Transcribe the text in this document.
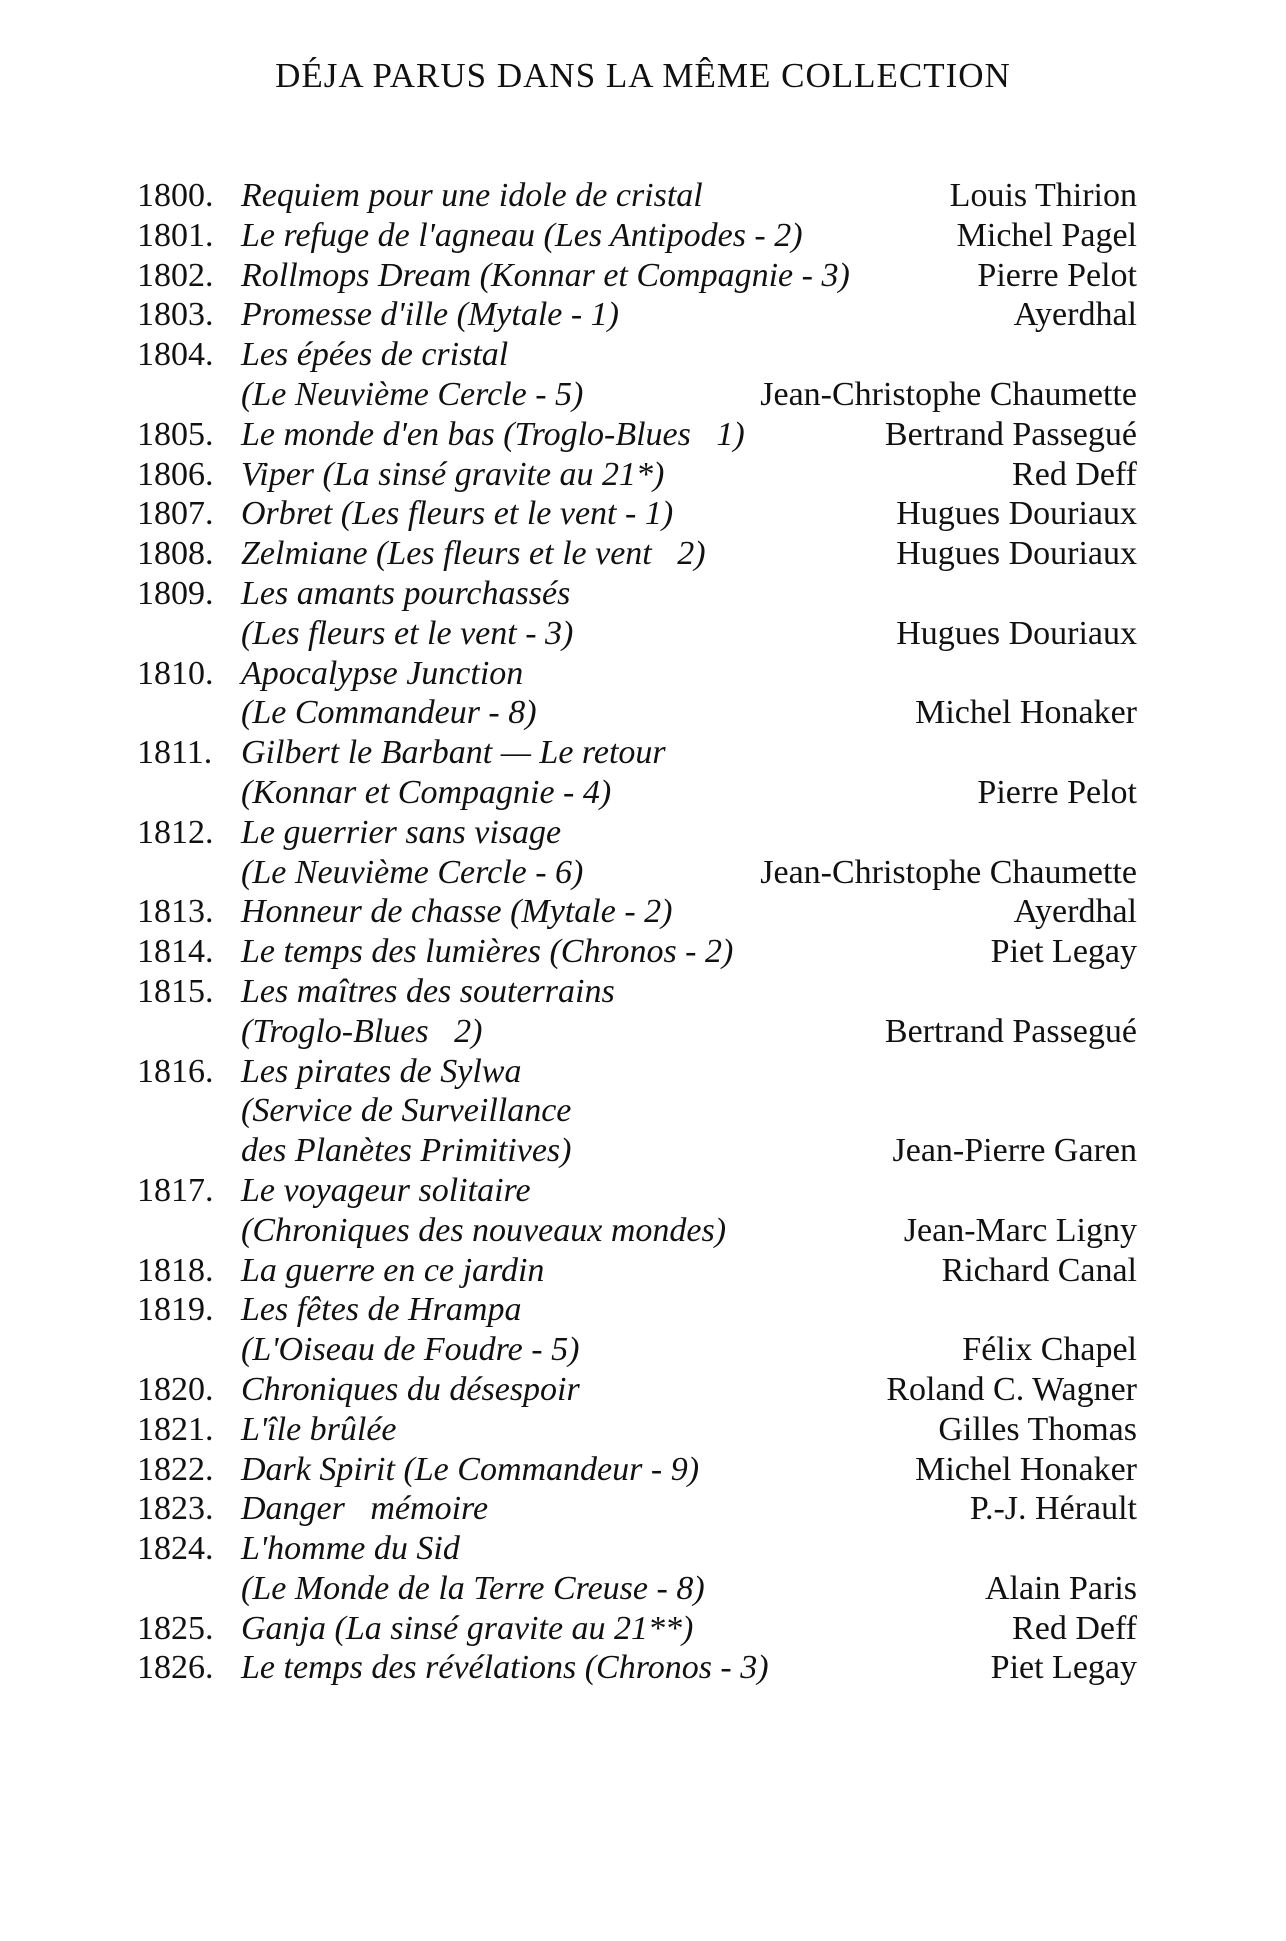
DÉJA PARUS DANS LA MÊME COLLECTION
1800. Requiem pour une idole de cristal	Louis Thirion
1801. Le refuge de l'agneau (Les Antipodes - 2)	Michel Pagel
1802. Rollmops Dream (Konnar et Compagnie - 3)	Pierre Pelot
1803. Promesse d'ille (Mytale - 1)	Ayerdhal
1804. Les épées de cristal
(Le Neuvième Cercle - 5)	Jean-Christophe Chaumette
1805. Le monde d'en bas (Troglo-Blues   1)	Bertrand Passegué
1806. Viper (La sinsé gravite au 21*)	Red Deff
1807. Orbret (Les fleurs et le vent - 1)	Hugues Douriaux
1808. Zelmiane (Les fleurs et le vent   2)	Hugues Douriaux
1809. Les amants pourchassés
(Les fleurs et le vent - 3)	Hugues Douriaux
1810. Apocalypse Junction
(Le Commandeur - 8)	Michel Honaker
1811. Gilbert le Barbant — Le retour
(Konnar et Compagnie - 4)	Pierre Pelot
1812. Le guerrier sans visage
(Le Neuvième Cercle - 6)	Jean-Christophe Chaumette
1813. Honneur de chasse (Mytale - 2)	Ayerdhal
1814. Le temps des lumières (Chronos - 2)	Piet Legay
1815. Les maîtres des souterrains
(Troglo-Blues   2)	Bertrand Passegué
1816. Les pirates de Sylwa
(Service de Surveillance
des Planètes Primitives)	Jean-Pierre Garen
1817. Le voyageur solitaire
(Chroniques des nouveaux mondes)	Jean-Marc Ligny
1818. La guerre en ce jardin	Richard Canal
1819. Les fêtes de Hrampa
(L'Oiseau de Foudre - 5)	Félix Chapel
1820. Chroniques du désespoir	Roland C. Wagner
1821. L'île brûlée	Gilles Thomas
1822. Dark Spirit (Le Commandeur - 9)	Michel Honaker
1823. Danger   mémoire	P.-J. Hérault
1824. L'homme du Sid
(Le Monde de la Terre Creuse - 8)	Alain Paris
1825. Ganja (La sinsé gravite au 21**)	Red Deff
1826. Le temps des révélations (Chronos - 3)	Piet Legay
